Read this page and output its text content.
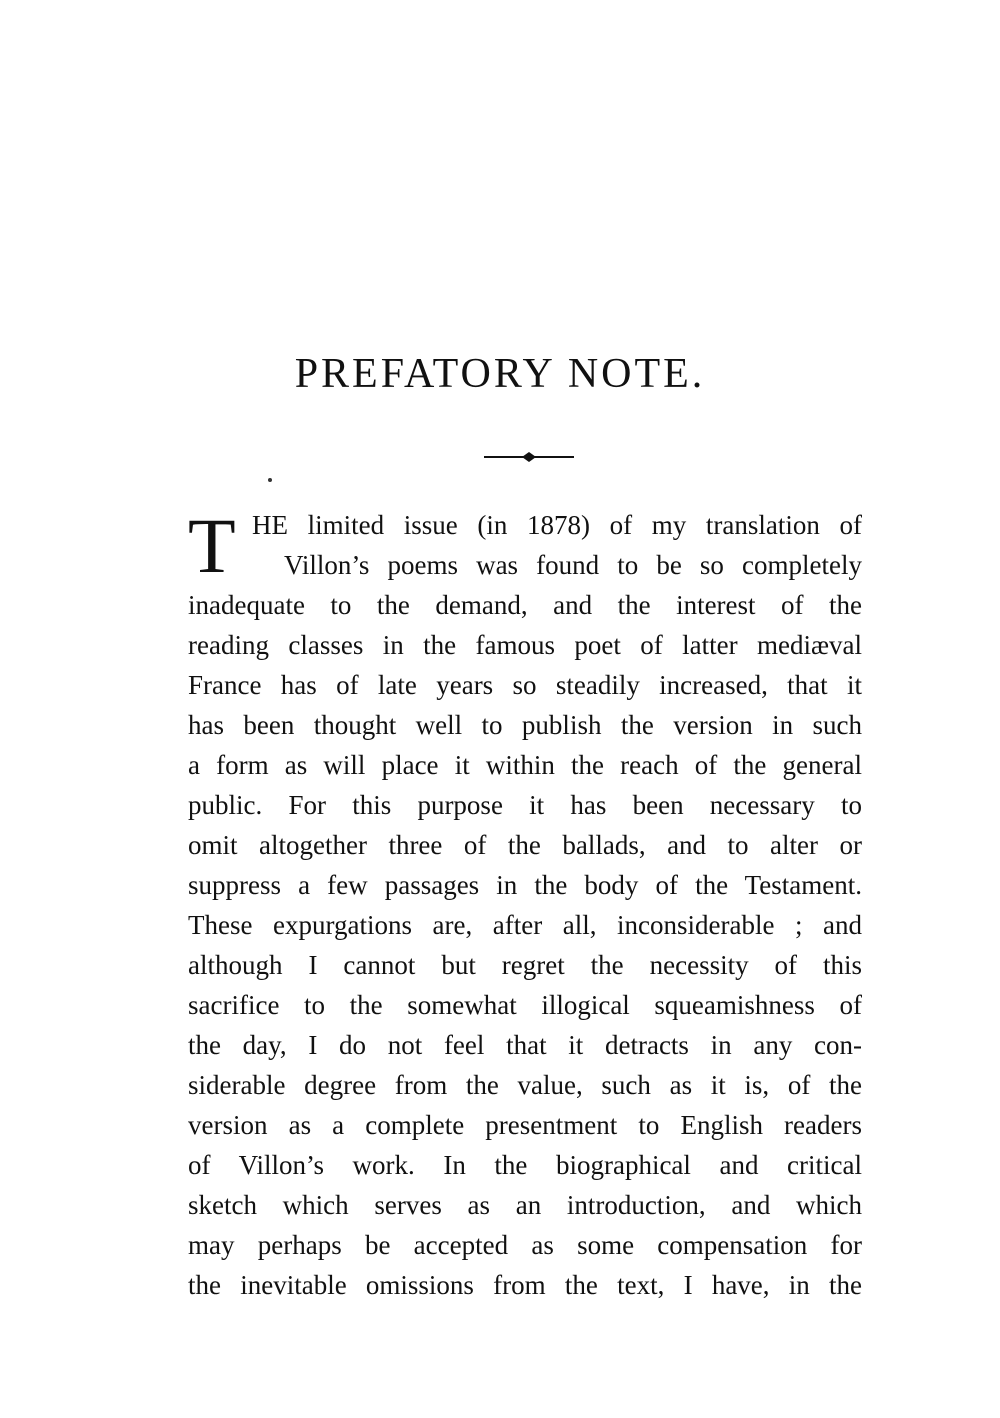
PREFATORY NOTE.
T HE limited issue (in 1878) of my translation of
Villon’s poems was found to be so completely
inadequate to the demand, and the interest of the
reading classes in the famous poet of latter mediæval
France has of late years so steadily increased, that it
has been thought well to publish the version in such
a form as will place it within the reach of the general
public. For this purpose it has been necessary to
omit altogether three of the ballads, and to alter or
suppress a few passages in the body of the Testament.
These expurgations are, after all, inconsiderable ; and
although I cannot but regret the necessity of this
sacrifice to the somewhat illogical squeamishness of
the day, I do not feel that it detracts in any con-
siderable degree from the value, such as it is, of the
version as a complete presentment to English readers
of Villon’s work. In the biographical and critical
sketch which serves as an introduction, and which
may perhaps be accepted as some compensation for
the inevitable omissions from the text, I have, in the
